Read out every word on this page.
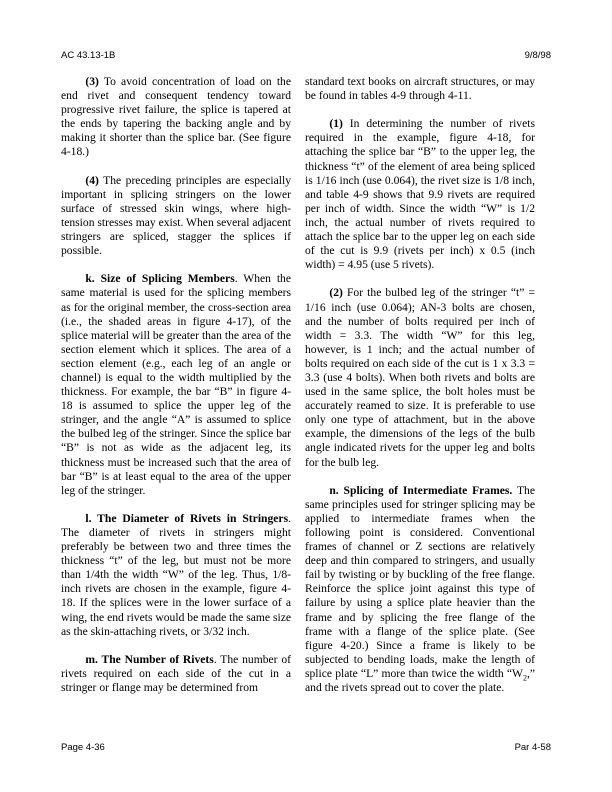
AC 43.13-1B	9/8/98

(3) To avoid concentration of load on the end rivet and consequent tendency toward progressive rivet failure, the splice is tapered at the ends by tapering the backing angle and by making it shorter than the splice bar. (See figure 4-18.)

(4) The preceding principles are especially important in splicing stringers on the lower surface of stressed skin wings, where high-tension stresses may exist. When several adjacent stringers are spliced, stagger the splices if possible.

k. Size of Splicing Members. When the same material is used for the splicing members as for the original member, the cross-section area (i.e., the shaded areas in figure 4-17), of the splice material will be greater than the area of the section element which it splices. The area of a section element (e.g., each leg of an angle or channel) is equal to the width multiplied by the thickness. For example, the bar “B” in figure 4-18 is assumed to splice the upper leg of the stringer, and the angle “A” is assumed to splice the bulbed leg of the stringer. Since the splice bar “B” is not as wide as the adjacent leg, its thickness must be increased such that the area of bar “B” is at least equal to the area of the upper leg of the stringer.

l. The Diameter of Rivets in Stringers. The diameter of rivets in stringers might preferably be between two and three times the thickness “t” of the leg, but must not be more than 1/4th the width “W” of the leg. Thus, 1/8-inch rivets are chosen in the example, figure 4-18. If the splices were in the lower surface of a wing, the end rivets would be made the same size as the skin-attaching rivets, or 3/32 inch.

m. The Number of Rivets. The number of rivets required on each side of the cut in a stringer or flange may be determined from

standard text books on aircraft structures, or may be found in tables 4-9 through 4-11.

(1) In determining the number of rivets required in the example, figure 4-18, for attaching the splice bar “B” to the upper leg, the thickness “t” of the element of area being spliced is 1/16 inch (use 0.064), the rivet size is 1/8 inch, and table 4-9 shows that 9.9 rivets are required per inch of width. Since the width “W” is 1/2 inch, the actual number of rivets required to attach the splice bar to the upper leg on each side of the cut is 9.9 (rivets per inch) x 0.5 (inch width) = 4.95 (use 5 rivets).

(2) For the bulbed leg of the stringer “t” = 1/16 inch (use 0.064); AN-3 bolts are chosen, and the number of bolts required per inch of width = 3.3. The width “W” for this leg, however, is 1 inch; and the actual number of bolts required on each side of the cut is 1 x 3.3 = 3.3 (use 4 bolts). When both rivets and bolts are used in the same splice, the bolt holes must be accurately reamed to size. It is preferable to use only one type of attachment, but in the above example, the dimensions of the legs of the bulb angle indicated rivets for the upper leg and bolts for the bulb leg.

n. Splicing of Intermediate Frames. The same principles used for stringer splicing may be applied to intermediate frames when the following point is considered. Conventional frames of channel or Z sections are relatively deep and thin compared to stringers, and usually fail by twisting or by buckling of the free flange. Reinforce the splice joint against this type of failure by using a splice plate heavier than the frame and by splicing the free flange of the frame with a flange of the splice plate. (See figure 4-20.) Since a frame is likely to be subjected to bending loads, make the length of splice plate “L” more than twice the width “$W_2$,” and the rivets spread out to cover the plate.

Page 4-36	Par 4-58
